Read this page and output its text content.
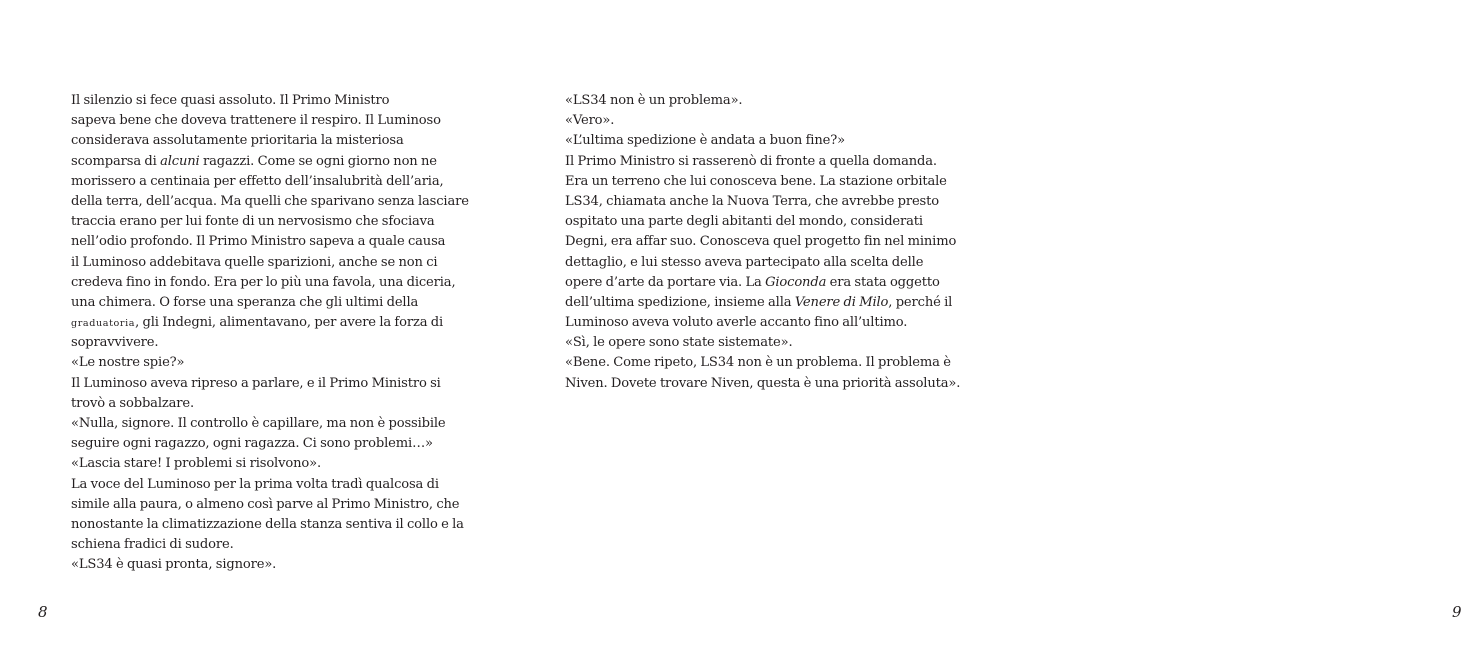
Il silenzio si fece quasi assoluto. Il Primo Ministro
sapeva bene che doveva trattenere il respiro. Il Luminoso
considerava assolutamente prioritaria la misteriosa
scomparsa di alcuni ragazzi. Come se ogni giorno non ne
morissero a centinaia per effetto dell’insalubrità dell’aria,
della terra, dell’acqua. Ma quelli che sparivano senza lasciare
traccia erano per lui fonte di un nervosismo che sfociava
nell’odio profondo. Il Primo Ministro sapeva a quale causa
il Luminoso addebitava quelle sparizioni, anche se non ci
credeva fino in fondo. Era per lo più una favola, una diceria,
una chimera. O forse una speranza che gli ultimi della
graduatoria, gli Indegni, alimentavano, per avere la forza di
sopravvivere.
«Le nostre spie?»
Il Luminoso aveva ripreso a parlare, e il Primo Ministro si
trovò a sobbalzare.
«Nulla, signore. Il controllo è capillare, ma non è possibile
seguire ogni ragazzo, ogni ragazza. Ci sono problemi…»
«Lascia stare! I problemi si risolvono».
La voce del Luminoso per la prima volta tradì qualcosa di
simile alla paura, o almeno così parve al Primo Ministro, che
nonostante la climatizzazione della stanza sentiva il collo e la
schiena fradici di sudore.
«LS34 è quasi pronta, signore».
8
«LS34 non è un problema».
«Vero».
«L’ultima spedizione è andata a buon fine?»
Il Primo Ministro si rasserenò di fronte a quella domanda.
Era un terreno che lui conosceva bene. La stazione orbitale
LS34, chiamata anche la Nuova Terra, che avrebbe presto
ospitato una parte degli abitanti del mondo, considerati
Degni, era affar suo. Conosceva quel progetto fin nel minimo
dettaglio, e lui stesso aveva partecipato alla scelta delle
opere d’arte da portare via. La Gioconda era stata oggetto
dell’ultima spedizione, insieme alla Venere di Milo, perché il
Luminoso aveva voluto averle accanto fino all’ultimo.
«Sì, le opere sono state sistemate».
«Bene. Come ripeto, LS34 non è un problema. Il problema è
Niven. Dovete trovare Niven, questa è una priorità assoluta».
9
